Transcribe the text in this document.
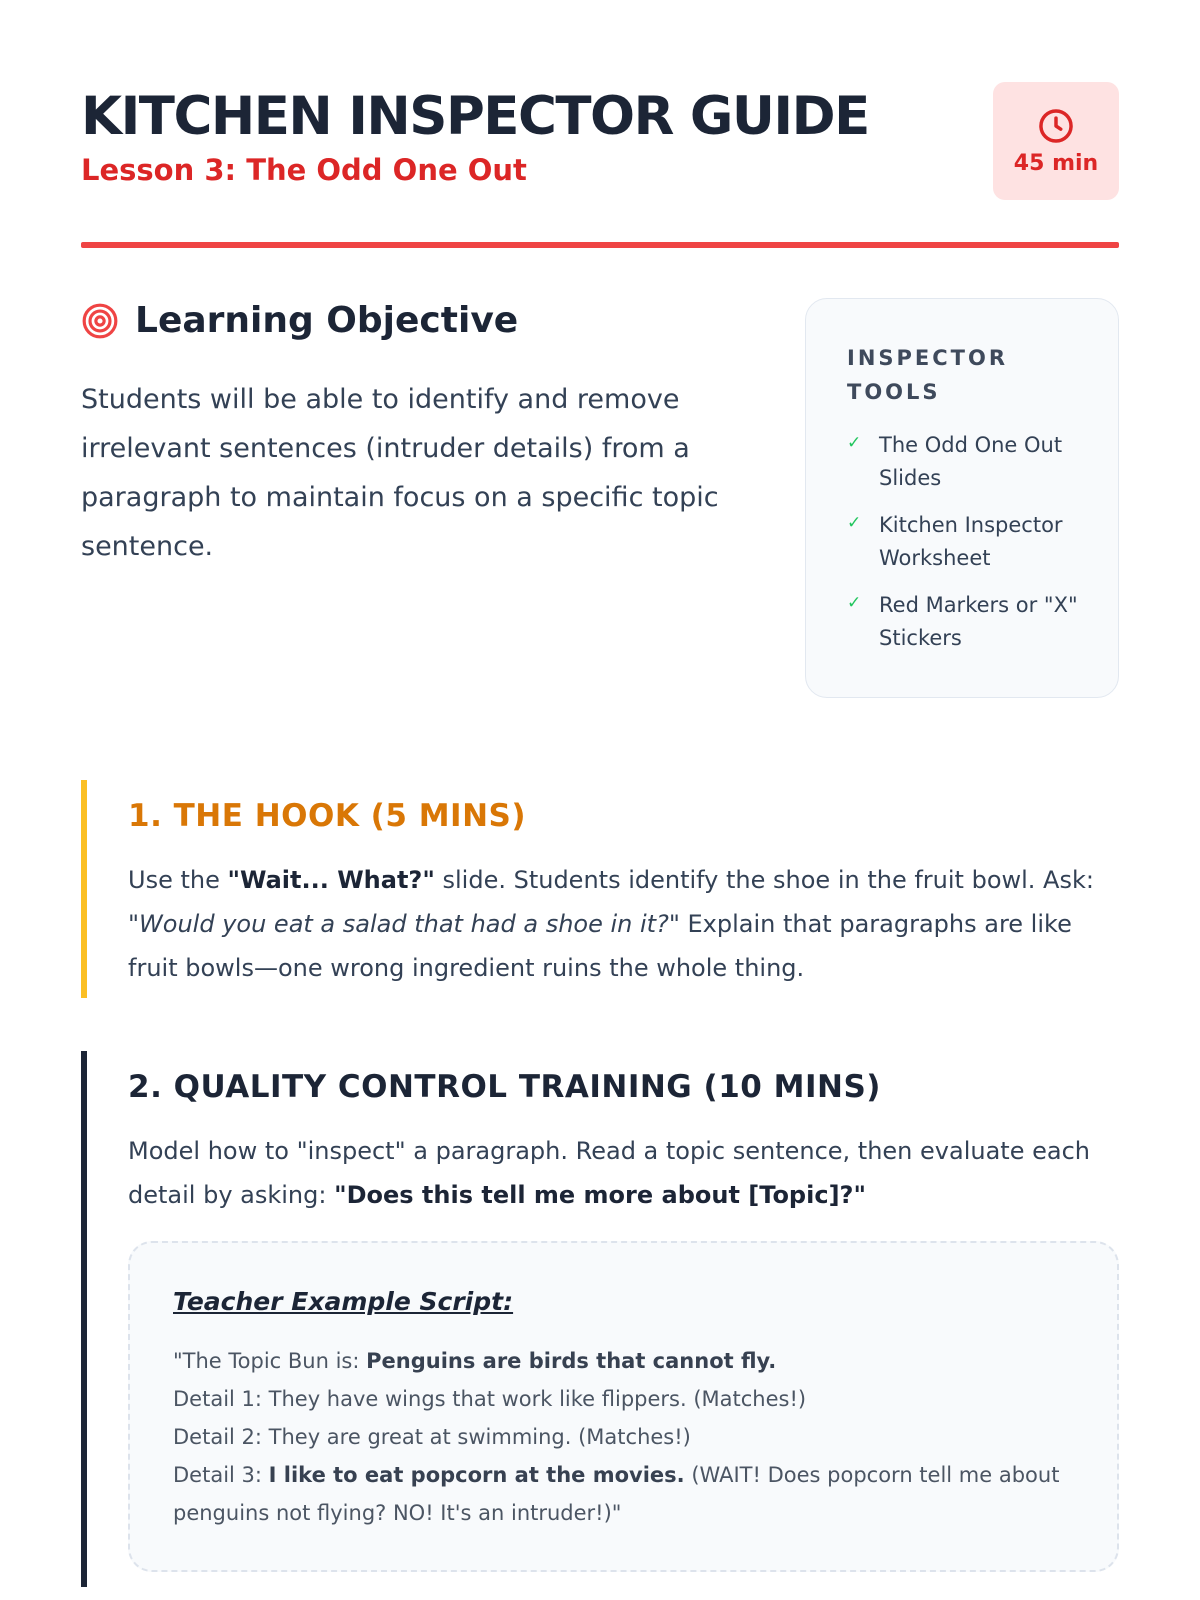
KITCHEN INSPECTOR GUIDE
Lesson 3: The Odd One Out	45 min
Learning Objective

Students will be able to identify and remove irrelevant sentences (intruder details) from a paragraph to maintain focus on a specific topic sentence.

INSPECTOR TOOLS
✓ The Odd One Out Slides
✓ Kitchen Inspector Worksheet
✓ Red Markers or "X" Stickers
1. THE HOOK (5 MINS)

Use the "Wait... What?" slide. Students identify the shoe in the fruit bowl. Ask: "Would you eat a salad that had a shoe in it?" Explain that paragraphs are like fruit bowls—one wrong ingredient ruins the whole thing.

2. QUALITY CONTROL TRAINING (10 MINS)

Model how to "inspect" a paragraph. Read a topic sentence, then evaluate each detail by asking: "Does this tell me more about [Topic]?"

Teacher Example Script:
"The Topic Bun is: Penguins are birds that cannot fly.
Detail 1: They have wings that work like flippers. (Matches!)
Detail 2: They are great at swimming. (Matches!)
Detail 3: I like to eat popcorn at the movies. (WAIT! Does popcorn tell me about penguins not flying? NO! It's an intruder!)"
